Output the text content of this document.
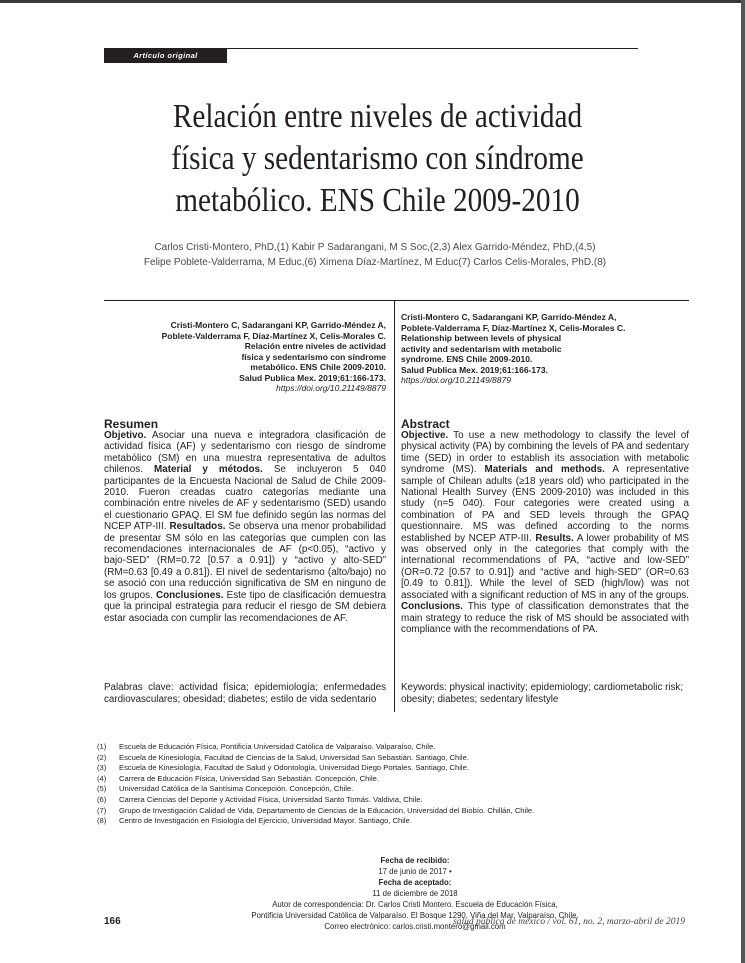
Artículo original
Relación entre niveles de actividad
física y sedentarismo con síndrome
metabólico. ENS Chile 2009-2010
Carlos Cristi-Montero, PhD,(1) Kabir P Sadarangani, M S Soc,(2,3) Alex Garrido-Méndez, PhD,(4,5)
Felipe Poblete-Valderrama, M Educ,(6) Ximena Díaz-Martínez, M Educ(7) Carlos Celis-Morales, PhD.(8)
Cristi-Montero C, Sadarangani KP, Garrido-Méndez A,
Poblete-Valderrama F, Díaz-Martínez X, Celis-Morales C.
Relación entre niveles de actividad
física y sedentarismo con síndrome
metabólico. ENS Chile 2009-2010.
Salud Publica Mex. 2019;61:166-173.
https://doi.org/10.21149/8879
Cristi-Montero C, Sadarangani KP, Garrido-Méndez A,
Poblete-Valderrama F, Díaz-Martínez X, Celis-Morales C.
Relationship between levels of physical
activity and sedentarism with metabolic
syndrome. ENS Chile 2009-2010.
Salud Publica Mex. 2019;61:166-173.
https://doi.org/10.21149/8879
Resumen

Objetivo. Asociar una nueva e integradora clasificación de actividad física (AF) y sedentarismo con riesgo de síndrome metabólico (SM) en una muestra representativa de adultos chilenos. Material y métodos. Se incluyeron 5 040 participantes de la Encuesta Nacional de Salud de Chile 2009-2010. Fueron creadas cuatro categorías mediante una combinación entre niveles de AF y sedentarismo (SED) usando el cuestionario GPAQ. El SM fue definido según las normas del NCEP ATP-III. Resultados. Se observa una menor probabilidad de presentar SM sólo en las categorías que cumplen con las recomendaciones internacionales de AF (p<0.05), “activo y bajo-SED” (RM=0.72 [0.57 a 0.91]) y “activo y alto-SED” (RM=0.63 [0.49 a 0.81]). El nivel de sedentarismo (alto/bajo) no se asoció con una reducción significativa de SM en ninguno de los grupos. Conclusiones. Este tipo de clasificación demuestra que la principal estrategia para reducir el riesgo de SM debiera estar asociada con cumplir las recomendaciones de AF.

Abstract

Objective. To use a new methodology to classify the level of physical activity (PA) by combining the levels of PA and sedentary time (SED) in order to establish its association with metabolic syndrome (MS). Materials and methods. A representative sample of Chilean adults (≥18 years old) who participated in the National Health Survey (ENS 2009-2010) was included in this study (n=5 040). Four categories were created using a combination of PA and SED levels through the GPAQ questionnaire. MS was defined according to the norms established by NCEP ATP-III. Results. A lower probability of MS was observed only in the categories that comply with the international recommendations of PA, “active and low-SED” (OR=0.72 [0.57 to 0.91]) and “active and high-SED” (OR=0.63 [0.49 to 0.81]). While the level of SED (high/low) was not associated with a significant reduction of MS in any of the groups. Conclusions. This type of classification demonstrates that the main strategy to reduce the risk of MS should be associated with compliance with the recommendations of PA.

Palabras clave: actividad física; epidemiología; enfermedades cardiovasculares; obesidad; diabetes; estilo de vida sedentario
Keywords: physical inactivity; epidemiology; cardiometabolic risk; obesity; diabetes; sedentary lifestyle
(1)	Escuela de Educación Física, Pontificia Universidad Católica de Valparaíso. Valparaíso, Chile.
(2)	Escuela de Kinesiología, Facultad de Ciencias de la Salud, Universidad San Sebastián. Santiago, Chile.
(3)	Escuela de Kinesiología, Facultad de Salud y Odontología, Universidad Diego Portales. Santiago, Chile.
(4)	Carrera de Educación Física, Universidad San Sebastián. Concepción, Chile.
(5)	Universidad Católica de la Santísima Concepción. Concepción, Chile.
(6)	Carrera Ciencias del Deporte y Actividad Física, Universidad Santo Tomás. Valdivia, Chile.
(7)	Grupo de Investigación Calidad de Vida, Departamento de Ciencias de la Educación, Universidad del Biobío. Chillán, Chile.
(8)	Centro de Investigación en Fisiología del Ejercicio, Universidad Mayor. Santiago, Chile.
Fecha de recibido:
17 de junio de 2017 •
Fecha de aceptado:
11 de diciembre de 2018
Autor de correspondencia: Dr. Carlos Cristi Montero. Escuela de Educación Física,
Pontificia Universidad Católica de Valparaíso. El Bosque 1290, Viña del Mar, Valparaíso, Chile.
Correo electrónico: carlos.cristi.montero@gmail.com
166	salud pública de méxico / vol. 61, no. 2, marzo-abril de 2019
